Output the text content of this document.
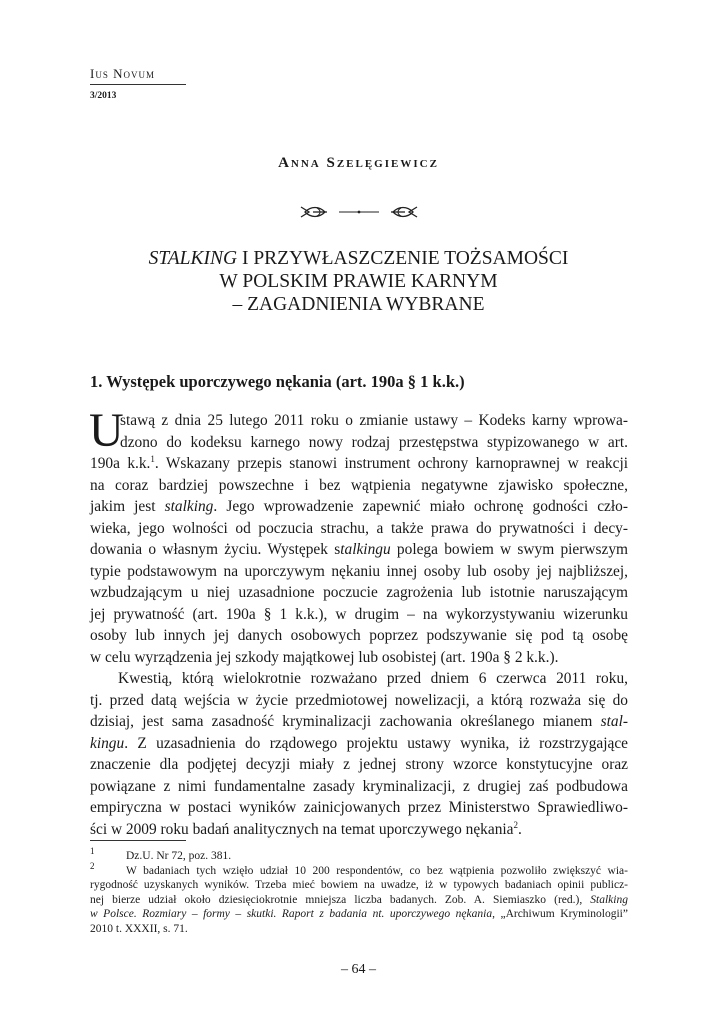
Ius Novum
3/2013
Anna Szelęgiewicz
STALKING I PRZYWŁASZCZENIE TOŻSAMOŚCI
W POLSKIM PRAWIE KARNYM
– ZAGADNIENIA WYBRANE
1. Występek uporczywego nękania (art. 190a § 1 k.k.)
U
stawą z dnia 25 lutego 2011 roku o zmianie ustawy – Kodeks karny wprowa-
dzono do kodeksu karnego nowy rodzaj przestępstwa stypizowanego w art.
190a k.k.$^1$. Wskazany przepis stanowi instrument ochrony karnoprawnej w reakcji
na coraz bardziej powszechne i bez wątpienia negatywne zjawisko społeczne,
jakim jest stalking. Jego wprowadzenie zapewnić miało ochronę godności czło-
wieka, jego wolności od poczucia strachu, a także prawa do prywatności i decy-
dowania o własnym życiu. Występek stalkingu polega bowiem w swym pierwszym
typie podstawowym na uporczywym nękaniu innej osoby lub osoby jej najbliższej,
wzbudzającym u niej uzasadnione poczucie zagrożenia lub istotnie naruszającym
jej prywatność (art. 190a § 1 k.k.), w drugim – na wykorzystywaniu wizerunku
osoby lub innych jej danych osobowych poprzez podszywanie się pod tą osobę
w celu wyrządzenia jej szkody majątkowej lub osobistej (art. 190a § 2 k.k.).
Kwestią, którą wielokrotnie rozważano przed dniem 6 czerwca 2011 roku,
tj. przed datą wejścia w życie przedmiotowej nowelizacji, a którą rozważa się do
dzisiaj, jest sama zasadność kryminalizacji zachowania określanego mianem stal-
kingu. Z uzasadnienia do rządowego projektu ustawy wynika, iż rozstrzygające
znaczenie dla podjętej decyzji miały z jednej strony wzorce konstytucyjne oraz
powiązane z nimi fundamentalne zasady kryminalizacji, z drugiej zaś podbudowa
empiryczna w postaci wyników zainicjowanych przez Ministerstwo Sprawiedliwo-
ści w 2009 roku badań analitycznych na temat uporczywego nękania$^2$.
$^1$	Dz.U. Nr 72, poz. 381.
$^2$	W badaniach tych wzięło udział 10 200 respondentów, co bez wątpienia pozwoliło zwiększyć wia-
rygodność uzyskanych wyników. Trzeba mieć bowiem na uwadze, iż w typowych badaniach opinii publicz-
nej bierze udział około dziesięciokrotnie mniejsza liczba badanych. Zob. A. Siemiaszko (red.), Stalking
w Polsce. Rozmiary – formy – skutki. Raport z badania nt. uporczywego nękania, „Archiwum Kryminologii”
2010 t. XXXII, s. 71.
– 64 –
